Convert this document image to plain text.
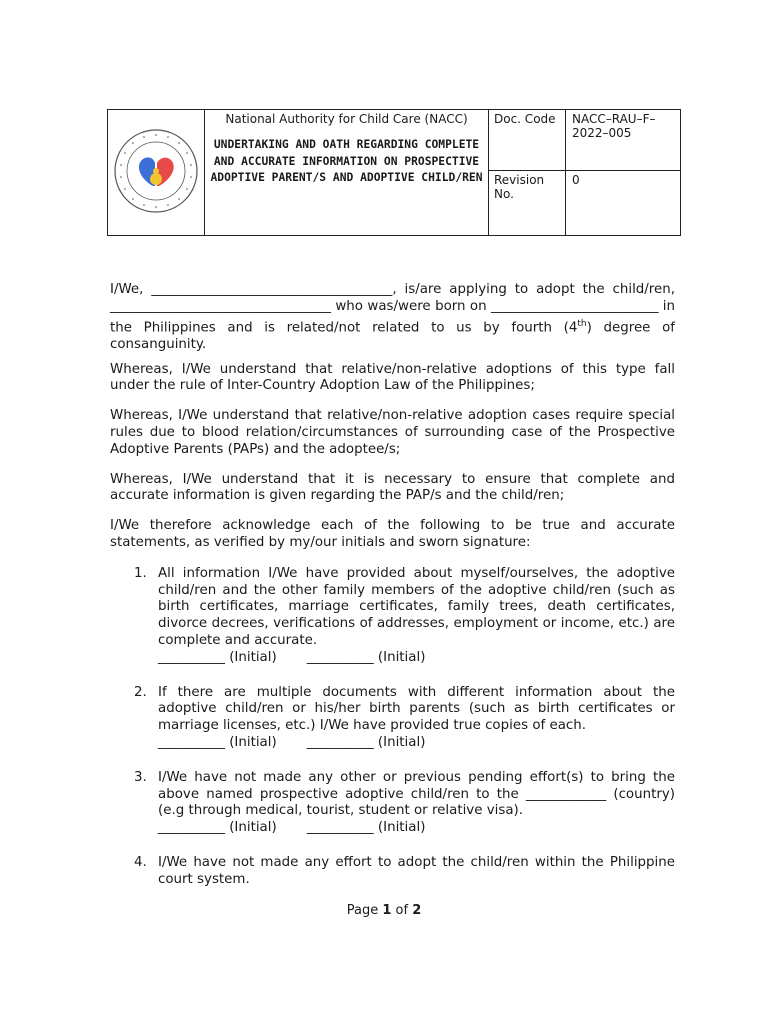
National Authority for Child Care (NACC)
UNDERTAKING AND OATH REGARDING COMPLETE AND ACCURATE INFORMATION ON PROSPECTIVE ADOPTIVE PARENT/S AND ADOPTIVE CHILD/REN	Doc. Code	NACC–RAU–F–2022–005
		Revision No.	0

I/We, ____________________________________, is/are applying to adopt the child/ren, _________________________________ who was/were born on _________________________ in the Philippines and is related/not related to us by fourth (4th) degree of consanguinity.

Whereas, I/We understand that relative/non-relative adoptions of this type fall under the rule of Inter-Country Adoption Law of the Philippines;

Whereas, I/We understand that relative/non-relative adoption cases require special rules due to blood relation/circumstances of surrounding case of the Prospective Adoptive Parents (PAPs) and the adoptee/s;

Whereas, I/We understand that it is necessary to ensure that complete and accurate information is given regarding the PAP/s and the child/ren;

I/We therefore acknowledge each of the following to be true and accurate statements, as verified by my/our initials and sworn signature:

1. All information I/We have provided about myself/ourselves, the adoptive child/ren and the other family members of the adoptive child/ren (such as birth certificates, marriage certificates, family trees, death certificates, divorce decrees, verifications of addresses, employment or income, etc.) are complete and accurate.
__________ (Initial) __________ (Initial)
2. If there are multiple documents with different information about the adoptive child/ren or his/her birth parents (such as birth certificates or marriage licenses, etc.) I/We have provided true copies of each.
__________ (Initial) __________ (Initial)
3. I/We have not made any other or previous pending effort(s) to bring the above named prospective adoptive child/ren to the ____________ (country) (e.g through medical, tourist, student or relative visa).
__________ (Initial) __________ (Initial)
4. I/We have not made any effort to adopt the child/ren within the Philippine court system.
Page 1 of 2
